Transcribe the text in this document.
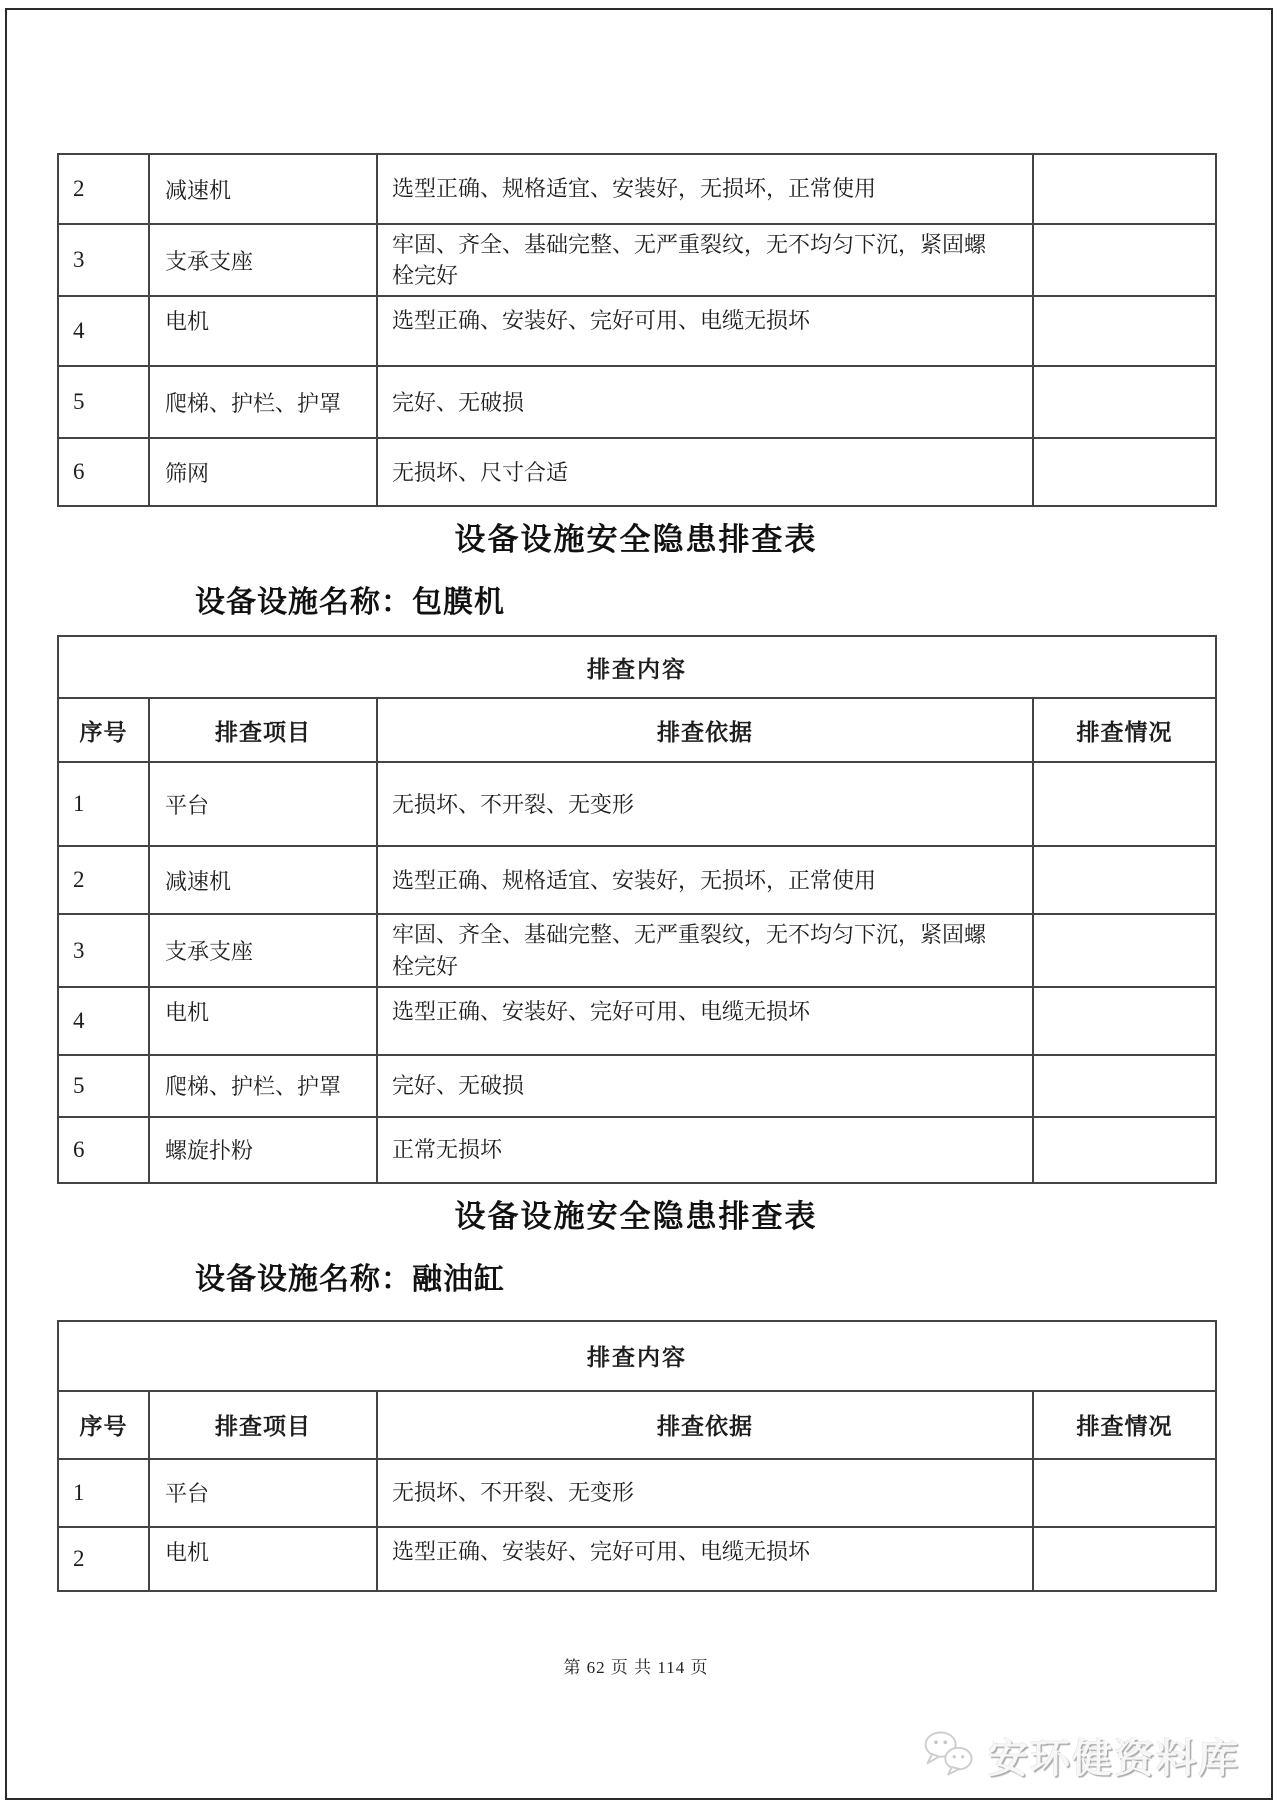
2	减速机	选型正确、规格适宜、安装好，无损坏，正常使用	
3	支承支座	牢固、齐全、基础完整、无严重裂纹，无不均匀下沉，紧固螺栓完好	
4	电机	选型正确、安装好、完好可用、电缆无损坏	
5	爬梯、护栏、护罩	完好、无破损	
6	筛网	无损坏、尺寸合适	
设备设施安全隐患排查表
设备设施名称：包膜机
排查内容			
序号	排查项目	排查依据	排查情况
1	平台	无损坏、不开裂、无变形	
2	减速机	选型正确、规格适宜、安装好，无损坏，正常使用	
3	支承支座	牢固、齐全、基础完整、无严重裂纹，无不均匀下沉，紧固螺栓完好	
4	电机	选型正确、安装好、完好可用、电缆无损坏	
5	爬梯、护栏、护罩	完好、无破损	
6	螺旋扑粉	正常无损坏	
设备设施安全隐患排查表
设备设施名称：融油缸
排查内容			
序号	排查项目	排查依据	排查情况
1	平台	无损坏、不开裂、无变形	
2	电机	选型正确、安装好、完好可用、电缆无损坏	
第 62 页 共 114 页
安环健资料库
